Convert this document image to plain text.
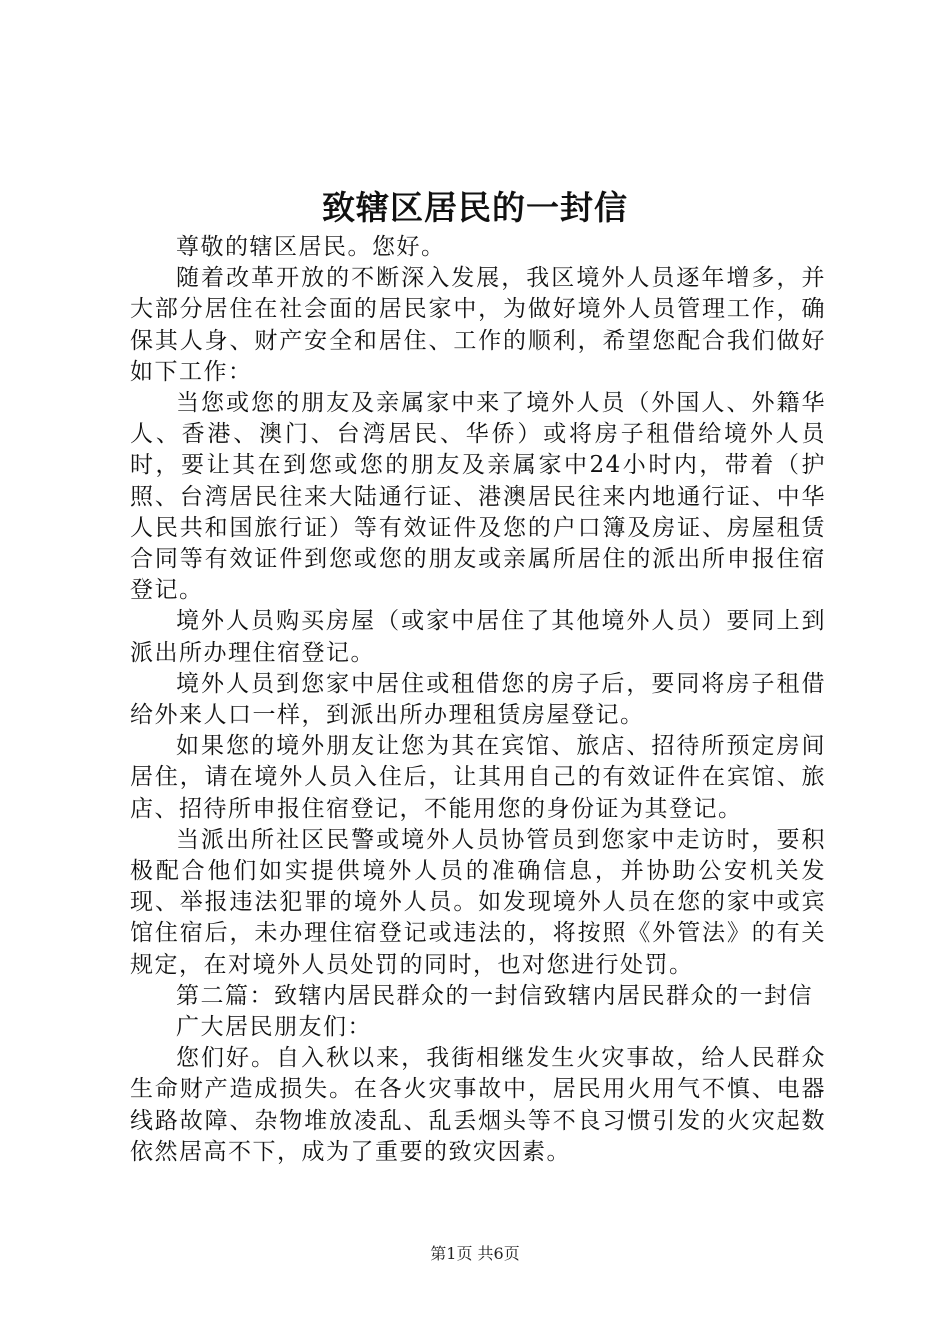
致辖区居民的一封信

尊敬的辖区居民。您好。

随着改革开放的不断深入发展，我区境外人员逐年增多，并大部分居住在社会面的居民家中，为做好境外人员管理工作，确保其人身、财产安全和居住、工作的顺利，希望您配合我们做好如下工作：

当您或您的朋友及亲属家中来了境外人员（外国人、外籍华人、香港、澳门、台湾居民、华侨）或将房子租借给境外人员时，要让其在到您或您的朋友及亲属家中24小时内，带着（护照、台湾居民往来大陆通行证、港澳居民往来内地通行证、中华人民共和国旅行证）等有效证件及您的户口簿及房证、房屋租赁合同等有效证件到您或您的朋友或亲属所居住的派出所申报住宿登记。

境外人员购买房屋（或家中居住了其他境外人员）要同上到派出所办理住宿登记。

境外人员到您家中居住或租借您的房子后，要同将房子租借给外来人口一样，到派出所办理租赁房屋登记。

如果您的境外朋友让您为其在宾馆、旅店、招待所预定房间居住，请在境外人员入住后，让其用自己的有效证件在宾馆、旅店、招待所申报住宿登记，不能用您的身份证为其登记。

当派出所社区民警或境外人员协管员到您家中走访时，要积极配合他们如实提供境外人员的准确信息，并协助公安机关发现、举报违法犯罪的境外人员。如发现境外人员在您的家中或宾馆住宿后，未办理住宿登记或违法的，将按照《外管法》的有关规定，在对境外人员处罚的同时，也对您进行处罚。

第二篇：致辖内居民群众的一封信致辖内居民群众的一封信

广大居民朋友们：

您们好。自入秋以来，我街相继发生火灾事故，给人民群众生命财产造成损失。在各火灾事故中，居民用火用气不慎、电器线路故障、杂物堆放凌乱、乱丢烟头等不良习惯引发的火灾起数依然居高不下，成为了重要的致灾因素。

第1页 共6页
